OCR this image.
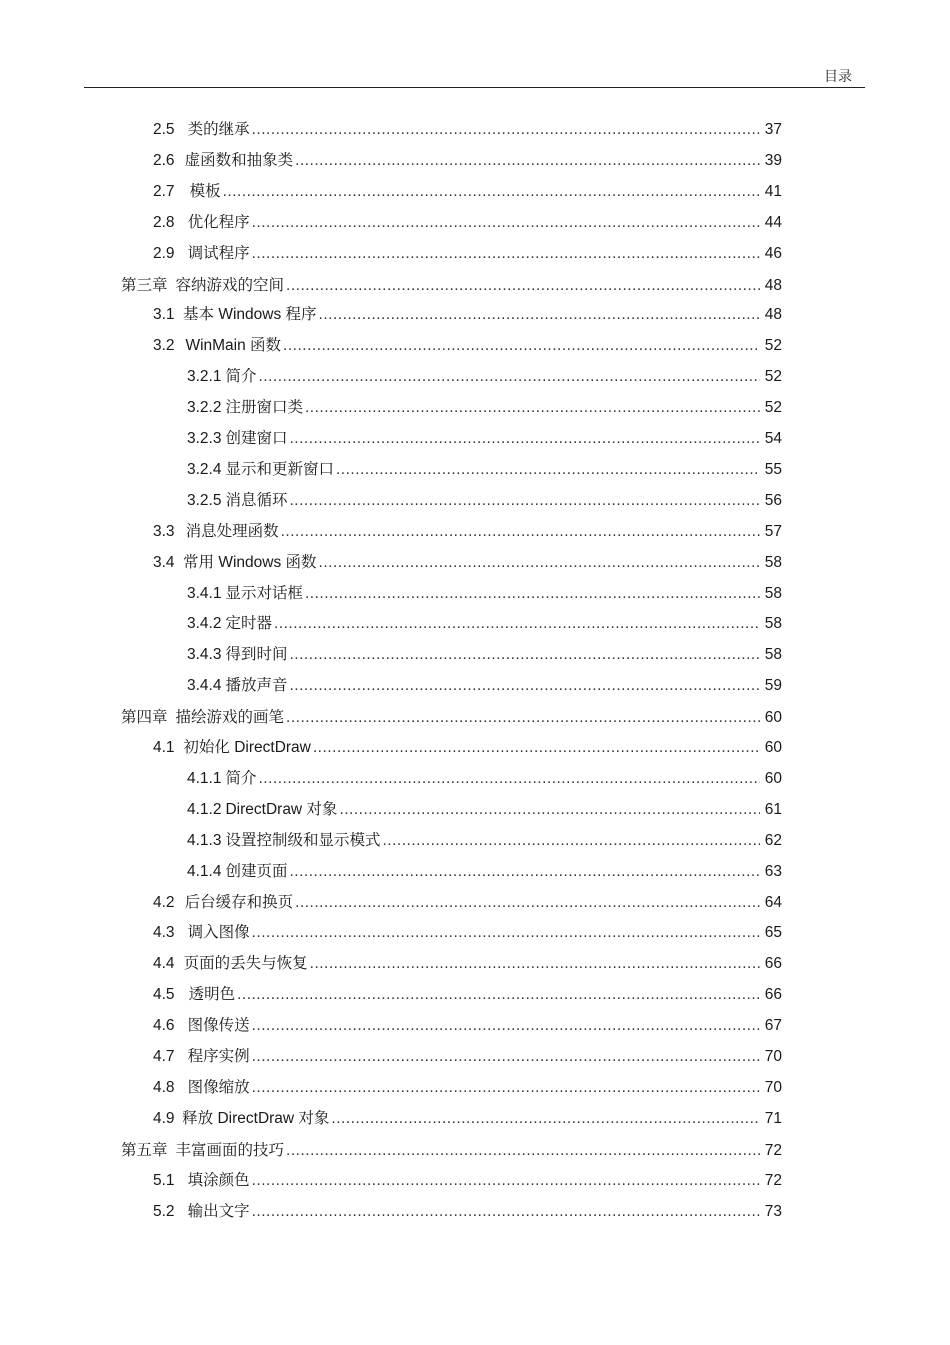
目录
2.5 类的继承 .....	37
2.6 虚函数和抽象类 .....	39
2.7 模板 .....	41
2.8 优化程序 .....	44
2.9 调试程序 .....	46
第三章 容纳游戏的空间 .....	48
3.1 基本 Windows 程序 .....	48
3.2 WinMain 函数 .....	52
3.2.1 简介 .....	52
3.2.2 注册窗口类 .....	52
3.2.3 创建窗口 .....	54
3.2.4 显示和更新窗口 .....	55
3.2.5 消息循环 .....	56
3.3 消息处理函数 .....	57
3.4 常用 Windows 函数 .....	58
3.4.1 显示对话框 .....	58
3.4.2 定时器 .....	58
3.4.3 得到时间 .....	58
3.4.4 播放声音 .....	59
第四章 描绘游戏的画笔 .....	60
4.1 初始化 DirectDraw .....	60
4.1.1 简介 .....	60
4.1.2 DirectDraw 对象 .....	61
4.1.3 设置控制级和显示模式 .....	62
4.1.4 创建页面 .....	63
4.2 后台缓存和换页 .....	64
4.3 调入图像 .....	65
4.4 页面的丢失与恢复 .....	66
4.5 透明色 .....	66
4.6 图像传送 .....	67
4.7 程序实例 .....	70
4.8 图像缩放 .....	70
4.9 释放 DirectDraw 对象 .....	71
第五章 丰富画面的技巧 .....	72
5.1 填涂颜色 .....	72
5.2 输出文字 .....	73
